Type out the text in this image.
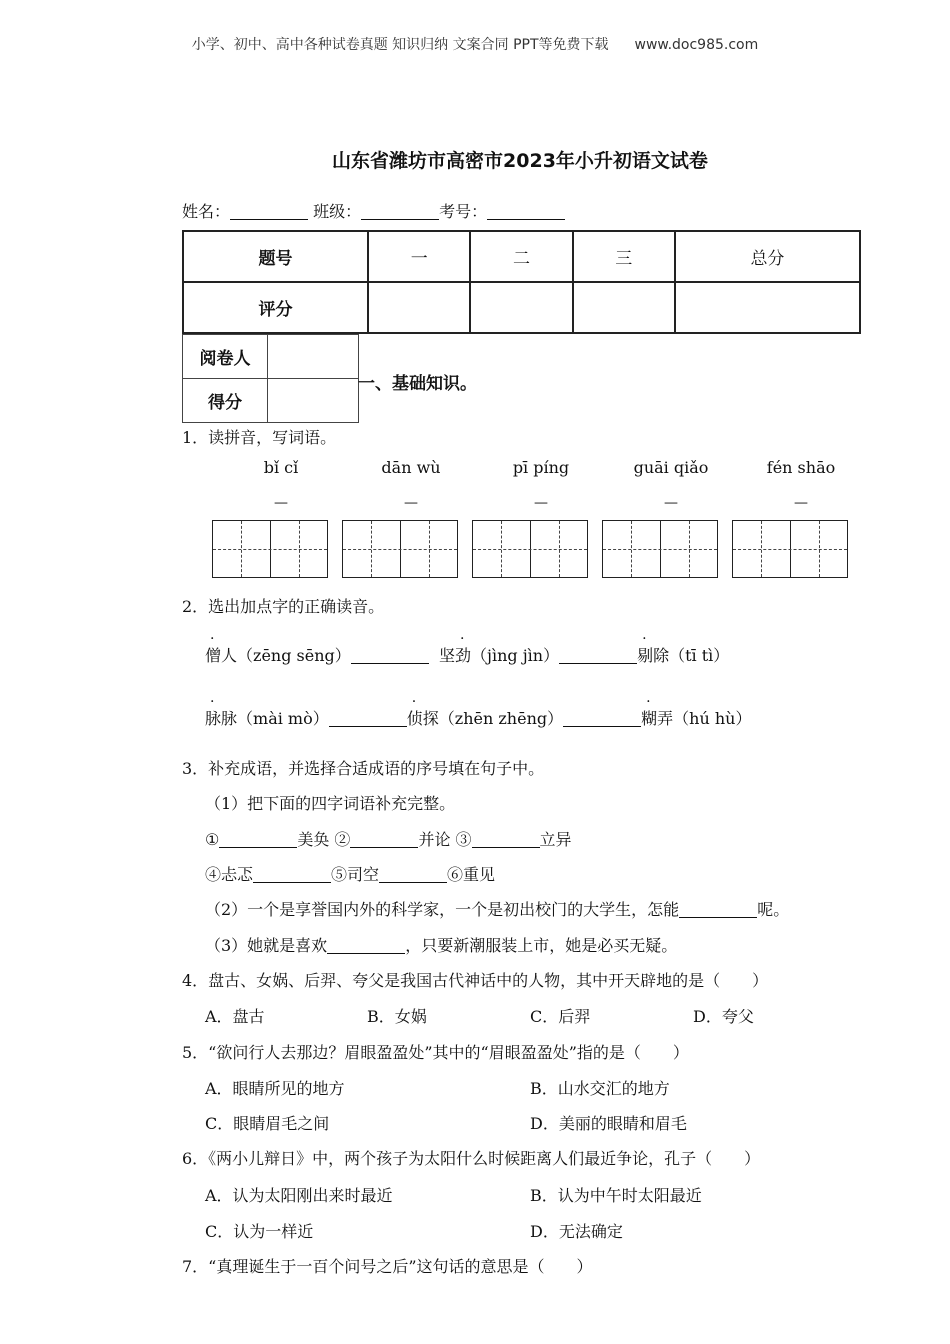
小学、初中、高中各种试卷真题 知识归纳 文案合同 PPT等免费下载 www.doc985.com
山东省潍坊市高密市2023年小升初语文试卷
姓名：	班级：	考号：
题号	一	二	三	总分
评分				
阅卷人	
得分	
一、基础知识。
1．读拼音，写词语。
bǐ cǐ	dān wù	pī píng	guāi qiǎo	fén shāo
—	—	—	—	—
2．选出加点字的正确读音。
僧人（zēng sēng）	坚劲（jìng jìn）	剔除（tī tì）
脉脉（mài mò）	侦探（zhēn zhēng）	糊弄（hú hù）
3．补充成语，并选择合适成语的序号填在句子中。
（1）把下面的四字词语补充完整。
①	美奂 ②	并论 ③	立异
④忐忑	⑤司空	⑥重见
（2）一个是享誉国内外的科学家，一个是初出校门的大学生，怎能	呢。
（3）她就是喜欢	，只要新潮服装上市，她是必买无疑。
4．盘古、女娲、后羿、夸父是我国古代神话中的人物，其中开天辟地的是（　　）
A．盘古	B．女娲	C．后羿	D．夸父
5．“欲问行人去那边？眉眼盈盈处”其中的“眉眼盈盈处”指的是（　　）
A．眼睛所见的地方	B．山水交汇的地方
C．眼睛眉毛之间	D．美丽的眼睛和眉毛
6．《两小儿辩日》中，两个孩子为太阳什么时候距离人们最近争论，孔子（　　）
A．认为太阳刚出来时最近	B．认为中午时太阳最近
C．认为一样近	D．无法确定
7．“真理诞生于一百个问号之后”这句话的意思是（　　）
